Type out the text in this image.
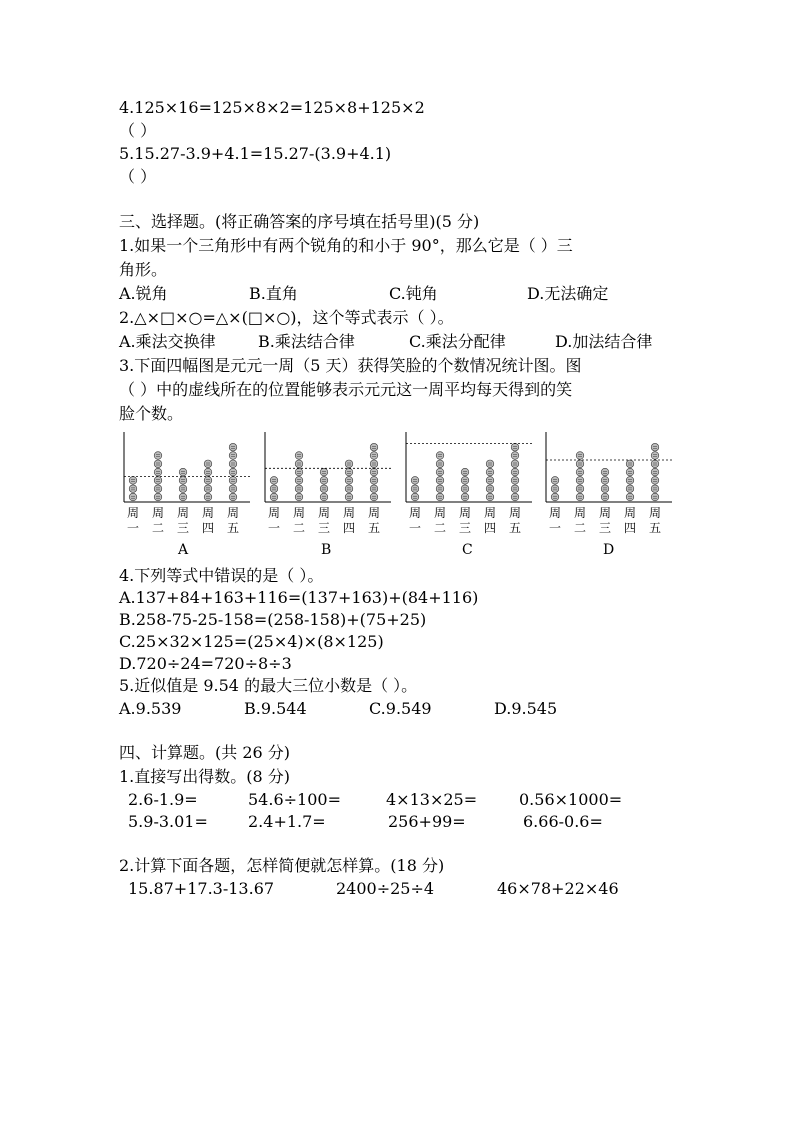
4.125×16=125×8×2=125×8+125×2
（ ）
5.15.27-3.9+4.1=15.27-(3.9+4.1)
（ ）
三、选择题。(将正确答案的序号填在括号里)(5 分)
1.如果一个三角形中有两个锐角的和小于 90°，那么它是（ ）三
角形。
A.锐角	B.直角	C.钝角	D.无法确定
2.△×□×○=△×(□×○)，这个等式表示（ ）。
A.乘法交换律	B.乘法结合律	C.乘法分配律	D.加法结合律
3.下面四幅图是元元一周（5 天）获得笑脸的个数情况统计图。图
（ ）中的虚线所在的位置能够表示元元这一周平均每天得到的笑
脸个数。
周
一
周
二
周
三
周
四
周
五
A
周
一
周
二
周
三
周
四
周
五
B
周
一
周
二
周
三
周
四
周
五
C
周
一
周
二
周
三
周
四
周
五
D
4.下列等式中错误的是（ ）。
A.137+84+163+116=(137+163)+(84+116)
B.258-75-25-158=(258-158)+(75+25)
C.25×32×125=(25×4)×(8×125)
D.720÷24=720÷8÷3
5.近似值是 9.54 的最大三位小数是（ ）。
A.9.539	B.9.544	C.9.549	D.9.545
四、计算题。(共 26 分)
1.直接写出得数。(8 分)
2.6-1.9=	54.6÷100=	4×13×25=	0.56×1000=
5.9-3.01=	2.4+1.7=	256+99=	6.66-0.6=
2.计算下面各题，怎样简便就怎样算。(18 分)
15.87+17.3-13.67	2400÷25÷4	46×78+22×46
